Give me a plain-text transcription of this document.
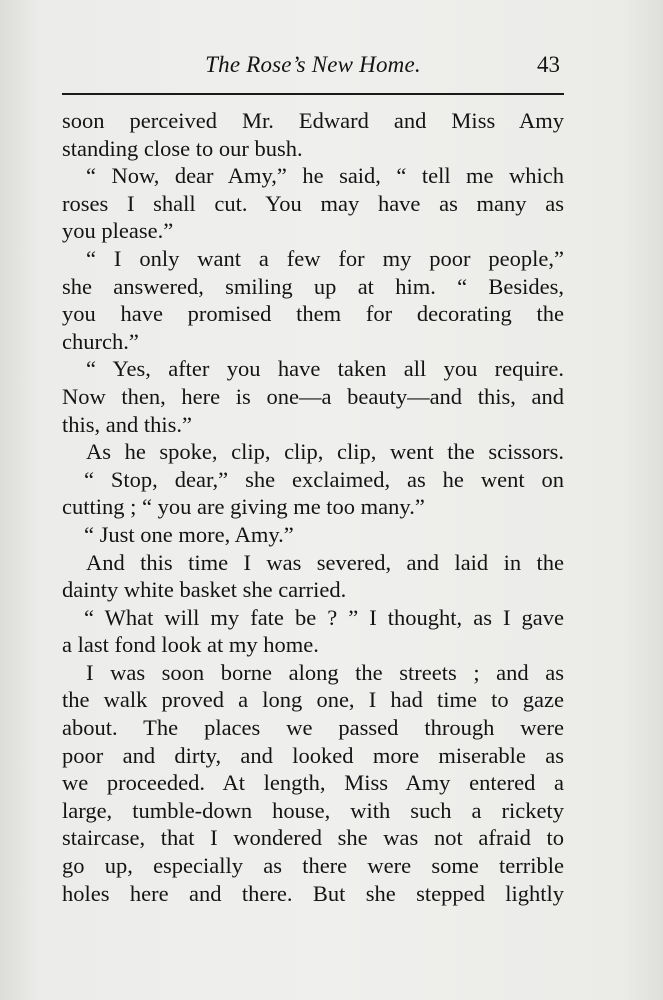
The Rose’s New Home.	43
soon perceived Mr. Edward and Miss Amy
standing close to our bush.
“ Now, dear Amy,” he said, “ tell me which
roses I shall cut. You may have as many as
you please.”
“ I only want a few for my poor people,”
she answered, smiling up at him. “ Besides,
you have promised them for decorating the
church.”
“ Yes, after you have taken all you require.
Now then, here is one—a beauty—and this, and
this, and this.”
As he spoke, clip, clip, clip, went the scissors.
“ Stop, dear,” she exclaimed, as he went on
cutting ; “ you are giving me too many.”
“ Just one more, Amy.”
And this time I was severed, and laid in the
dainty white basket she carried.
“ What will my fate be ? ” I thought, as I gave
a last fond look at my home.
I was soon borne along the streets ; and as
the walk proved a long one, I had time to gaze
about. The places we passed through were
poor and dirty, and looked more miserable as
we proceeded. At length, Miss Amy entered a
large, tumble-down house, with such a rickety
staircase, that I wondered she was not afraid to
go up, especially as there were some terrible
holes here and there. But she stepped lightly
